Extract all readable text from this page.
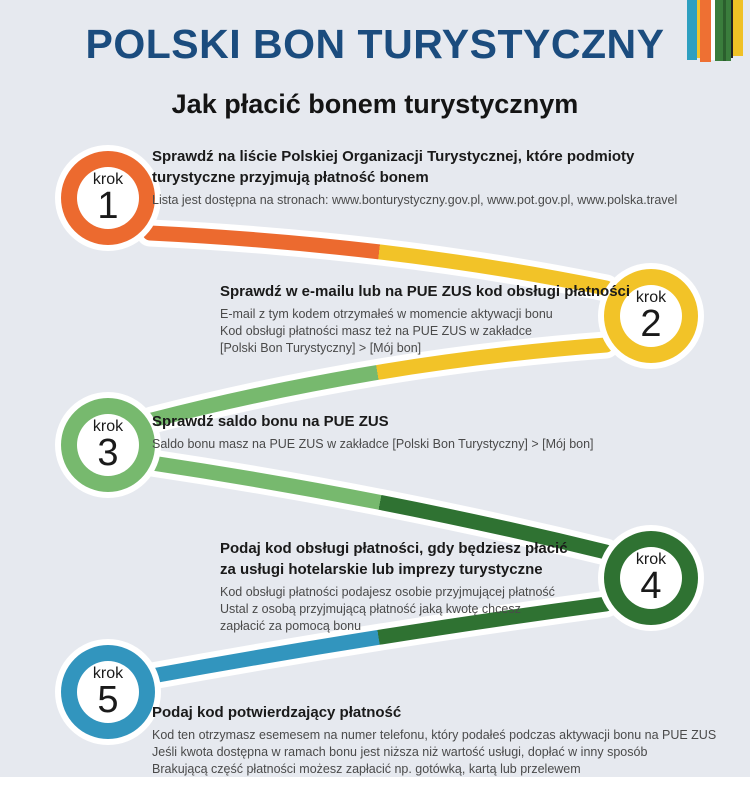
POLSKI BON TURYSTYCZNY
Jak płacić bonem turystycznym
krok
1
krok
2
krok
3
krok
4
krok
5
Sprawdź na liście Polskiej Organizacji Turystycznej, które podmioty
turystyczne przyjmują płatność bonem
Lista jest dostępna na stronach: www.bonturystyczny.gov.pl, www.pot.gov.pl, www.polska.travel
Sprawdź w e-mailu lub na PUE ZUS kod obsługi płatności
E-mail z tym kodem otrzymałeś w momencie aktywacji bonu
Kod obsługi płatności masz też na PUE ZUS w zakładce
[Polski Bon Turystyczny] > [Mój bon]
Sprawdź saldo bonu na PUE ZUS
Saldo bonu masz na PUE ZUS w zakładce [Polski Bon Turystyczny] > [Mój bon]
Podaj kod obsługi płatności, gdy będziesz płacić
za usługi hotelarskie lub imprezy turystyczne
Kod obsługi płatności podajesz osobie przyjmującej płatność
Ustal z osobą przyjmującą płatność jaką kwotę chcesz
zapłacić za pomocą bonu
Podaj kod potwierdzający płatność
Kod ten otrzymasz esemesem na numer telefonu, który podałeś podczas aktywacji bonu na PUE ZUS
Jeśli kwota dostępna w ramach bonu jest niższa niż wartość usługi, dopłać w inny sposób
Brakującą część płatności możesz zapłacić np. gotówką, kartą lub przelewem
